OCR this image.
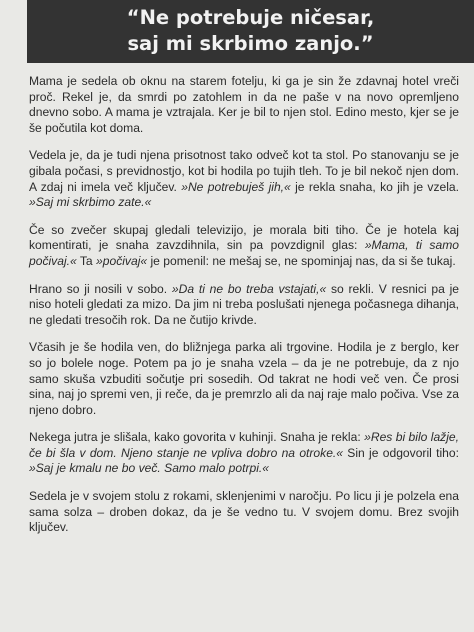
“Ne potrebuje ničesar,
saj mi skrbimo zanjo.”

Mama je sedela ob oknu na starem fotelju, ki ga je sin že zdavnaj hotel vreči proč. Rekel je, da smrdi po zatohlem in da ne paše v na novo opremljeno dnevno sobo. A mama je vztrajala. Ker je bil to njen stol. Edino mesto, kjer se je še počutila kot doma.

Vedela je, da je tudi njena prisotnost tako odveč kot ta stol. Po stanovanju se je gibala počasi, s previdnostjo, kot bi hodila po tujih tleh. To je bil nekoč njen dom. A zdaj ni imela več ključev. »Ne potrebuješ jih,« je rekla snaha, ko jih je vzela. »Saj mi skrbimo zate.«

Če so zvečer skupaj gledali televizijo, je morala biti tiho. Če je hotela kaj komentirati, je snaha zavzdihnila, sin pa povzdignil glas: »Mama, ti samo počivaj.« Ta »počivaj« je pomenil: ne mešaj se, ne spominjaj nas, da si še tukaj.

Hrano so ji nosili v sobo. »Da ti ne bo treba vstajati,« so rekli. V resnici pa je niso hoteli gledati za mizo. Da jim ni treba poslušati njenega počasnega dihanja, ne gledati tresočih rok. Da ne čutijo krivde.

Včasih je še hodila ven, do bližnjega parka ali trgovine. Hodila je z berglo, ker so jo bolele noge. Potem pa jo je snaha vzela – da je ne potrebuje, da z njo samo skuša vzbuditi sočutje pri sosedih. Od takrat ne hodi več ven. Če prosi sina, naj jo spremi ven, ji reče, da je premrzlo ali da naj raje malo počiva. Vse za njeno dobro.

Nekega jutra je slišala, kako govorita v kuhinji. Snaha je rekla: »Res bi bilo lažje, če bi šla v dom. Njeno stanje ne vpliva dobro na otroke.« Sin je odgovoril tiho: »Saj je kmalu ne bo več. Samo malo potrpi.«

Sedela je v svojem stolu z rokami, sklenjenimi v naročju. Po licu ji je polzela ena sama solza – droben dokaz, da je še vedno tu. V svojem domu. Brez svojih ključev.
